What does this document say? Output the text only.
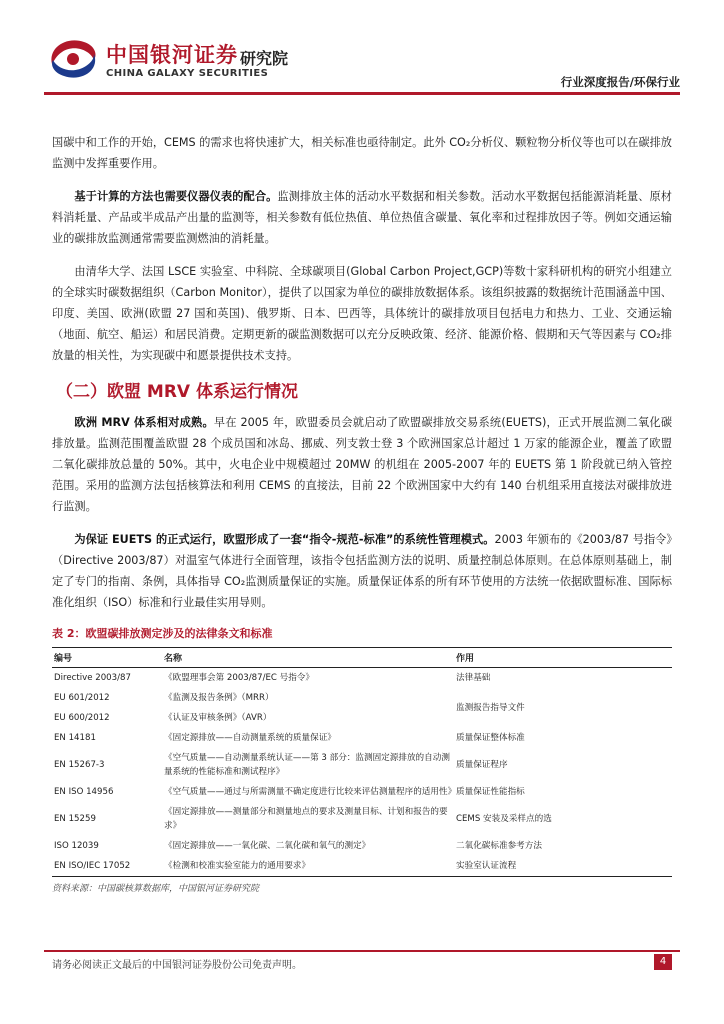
中国银河证券 研究院
CHINA GALAXY SECURITIES
行业深度报告/环保行业

国碳中和工作的开始，CEMS 的需求也将快速扩大，相关标准也亟待制定。此外 CO₂分析仪、颗粒物分析仪等也可以在碳排放监测中发挥重要作用。

基于计算的方法也需要仪器仪表的配合。监测排放主体的活动水平数据和相关参数。活动水平数据包括能源消耗量、原材料消耗量、产品或半成品产出量的监测等，相关参数有低位热值、单位热值含碳量、氧化率和过程排放因子等。例如交通运输业的碳排放监测通常需要监测燃油的消耗量。

由清华大学、法国 LSCE 实验室、中科院、全球碳项目(Global Carbon Project,GCP)等数十家科研机构的研究小组建立的全球实时碳数据组织（Carbon Monitor），提供了以国家为单位的碳排放数据体系。该组织披露的数据统计范围涵盖中国、印度、美国、欧洲(欧盟 27 国和英国)、俄罗斯、日本、巴西等，具体统计的碳排放项目包括电力和热力、工业、交通运输（地面、航空、船运）和居民消费。定期更新的碳监测数据可以充分反映政策、经济、能源价格、假期和天气等因素与 CO₂排放量的相关性，为实现碳中和愿景提供技术支持。

（二）欧盟 MRV 体系运行情况

欧洲 MRV 体系相对成熟。早在 2005 年，欧盟委员会就启动了欧盟碳排放交易系统(EUETS)，正式开展监测二氧化碳排放量。监测范围覆盖欧盟 28 个成员国和冰岛、挪威、列支敦士登 3 个欧洲国家总计超过 1 万家的能源企业，覆盖了欧盟二氧化碳排放总量的 50%。其中，火电企业中规模超过 20MW 的机组在 2005-2007 年的 EUETS 第 1 阶段就已纳入管控范围。采用的监测方法包括核算法和利用 CEMS 的直接法，目前 22 个欧洲国家中大约有 140 台机组采用直接法对碳排放进行监测。

为保证 EUETS 的正式运行，欧盟形成了一套“指令-规范-标准”的系统性管理模式。2003 年颁布的《2003/87 号指令》（Directive 2003/87）对温室气体进行全面管理，该指令包括监测方法的说明、质量控制总体原则。在总体原则基础上，制定了专门的指南、条例，具体指导 CO₂监测质量保证的实施。质量保证体系的所有环节使用的方法统一依据欧盟标准、国际标准化组织（ISO）标准和行业最佳实用导则。

表 2：欧盟碳排放测定涉及的法律条文和标准
编号	名称	作用
Directive 2003/87	《欧盟理事会第 2003/87/EC 号指令》	法律基础
EU 601/2012	《监测及报告条例》（MRR）	监测报告指导文件
EU 600/2012	《认证及审核条例》（AVR）	
EN 14181	《固定源排放——自动测量系统的质量保证》	质量保证整体标准
EN 15267-3	《空气质量——自动测量系统认证——第 3 部分：监测固定源排放的自动测量系统的性能标准和测试程序》	质量保证程序
EN ISO 14956	《空气质量——通过与所需测量不确定度进行比较来评估测量程序的适用性》	质量保证性能指标
EN 15259	《固定源排放——测量部分和测量地点的要求及测量目标、计划和报告的要求》	CEMS 安装及采样点的选
ISO 12039	《固定源排放——一氧化碳、二氧化碳和氧气的测定》	二氧化碳标准参考方法
EN ISO/IEC 17052	《检测和校准实验室能力的通用要求》	实验室认证流程
资料来源：中国碳核算数据库，中国银河证券研究院
请务必阅读正文最后的中国银河证券股份公司免责声明。	4
